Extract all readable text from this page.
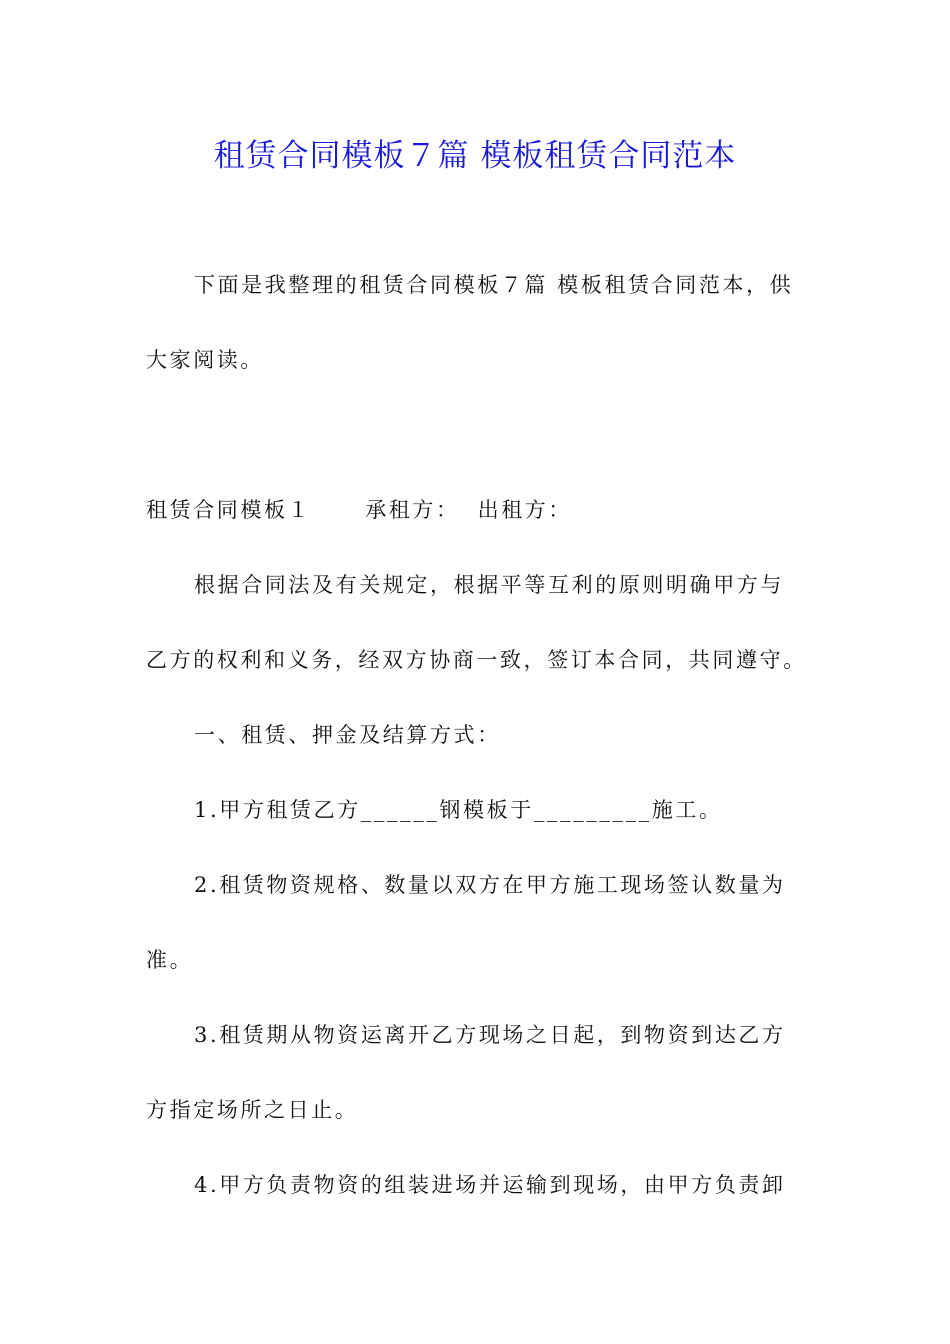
租赁合同模板７篇 模板租赁合同范本
下面是我整理的租赁合同模板７篇 模板租赁合同范本，供
大家阅读。
租赁合同模板１	承租方： 出租方：
根据合同法及有关规定，根据平等互利的原则明确甲方与
乙方的权利和义务，经双方协商一致，签订本合同，共同遵守。
一、租赁、押金及结算方式：
1.甲方租赁乙方______钢模板于_________施工。
2.租赁物资规格、数量以双方在甲方施工现场签认数量为
准。
3.租赁期从物资运离开乙方现场之日起，到物资到达乙方
方指定场所之日止。
4.甲方负责物资的组装进场并运输到现场，由甲方负责卸
